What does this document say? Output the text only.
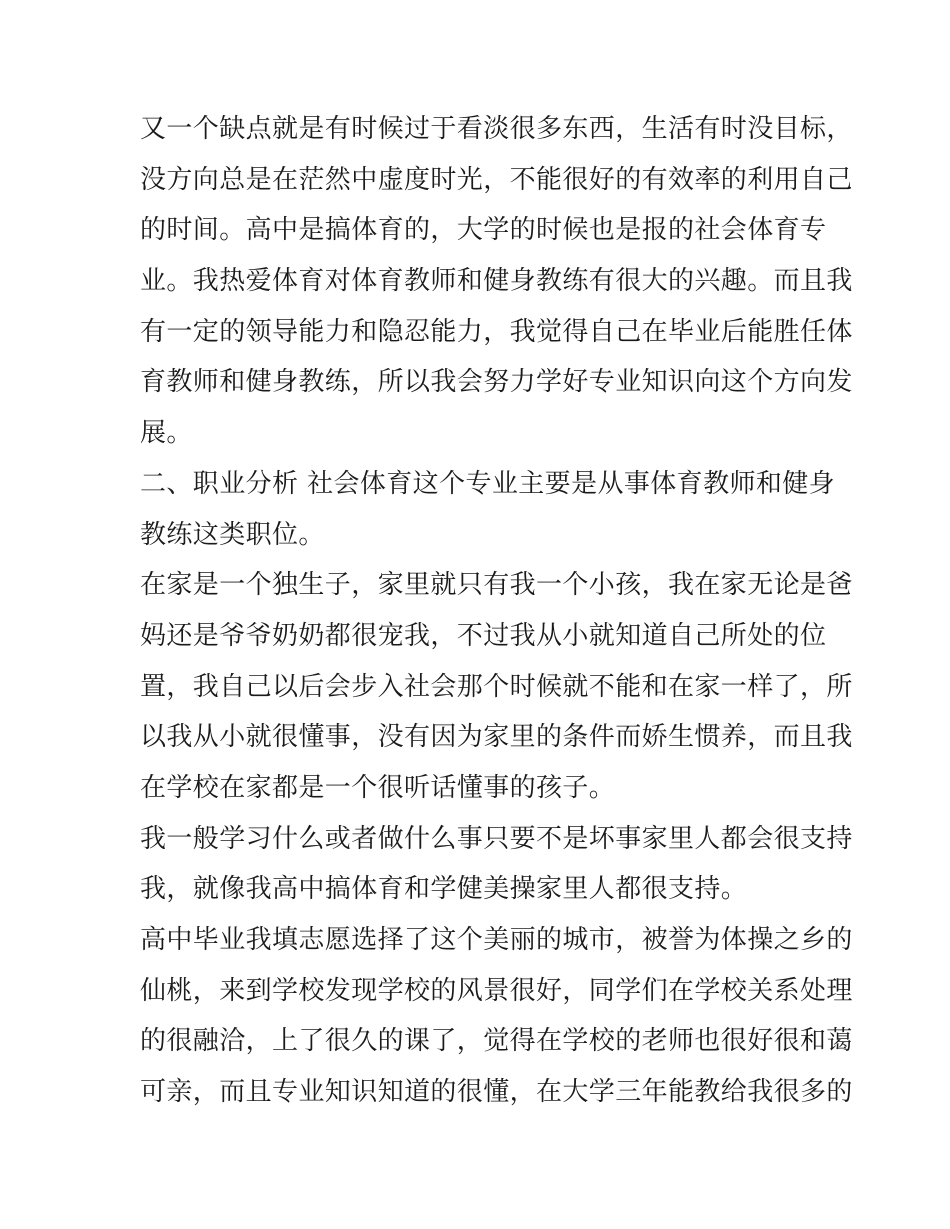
又一个缺点就是有时候过于看淡很多东西，生活有时没目标，
没方向总是在茫然中虚度时光，不能很好的有效率的利用自己
的时间。高中是搞体育的，大学的时候也是报的社会体育专
业。我热爱体育对体育教师和健身教练有很大的兴趣。而且我
有一定的领导能力和隐忍能力，我觉得自己在毕业后能胜任体
育教师和健身教练，所以我会努力学好专业知识向这个方向发
展。
二、职业分析 社会体育这个专业主要是从事体育教师和健身
教练这类职位。
在家是一个独生子，家里就只有我一个小孩，我在家无论是爸
妈还是爷爷奶奶都很宠我，不过我从小就知道自己所处的位
置，我自己以后会步入社会那个时候就不能和在家一样了，所
以我从小就很懂事，没有因为家里的条件而娇生惯养，而且我
在学校在家都是一个很听话懂事的孩子。
我一般学习什么或者做什么事只要不是坏事家里人都会很支持
我，就像我高中搞体育和学健美操家里人都很支持。
高中毕业我填志愿选择了这个美丽的城市，被誉为体操之乡的
仙桃，来到学校发现学校的风景很好，同学们在学校关系处理
的很融洽，上了很久的课了，觉得在学校的老师也很好很和蔼
可亲，而且专业知识知道的很懂，在大学三年能教给我很多的
